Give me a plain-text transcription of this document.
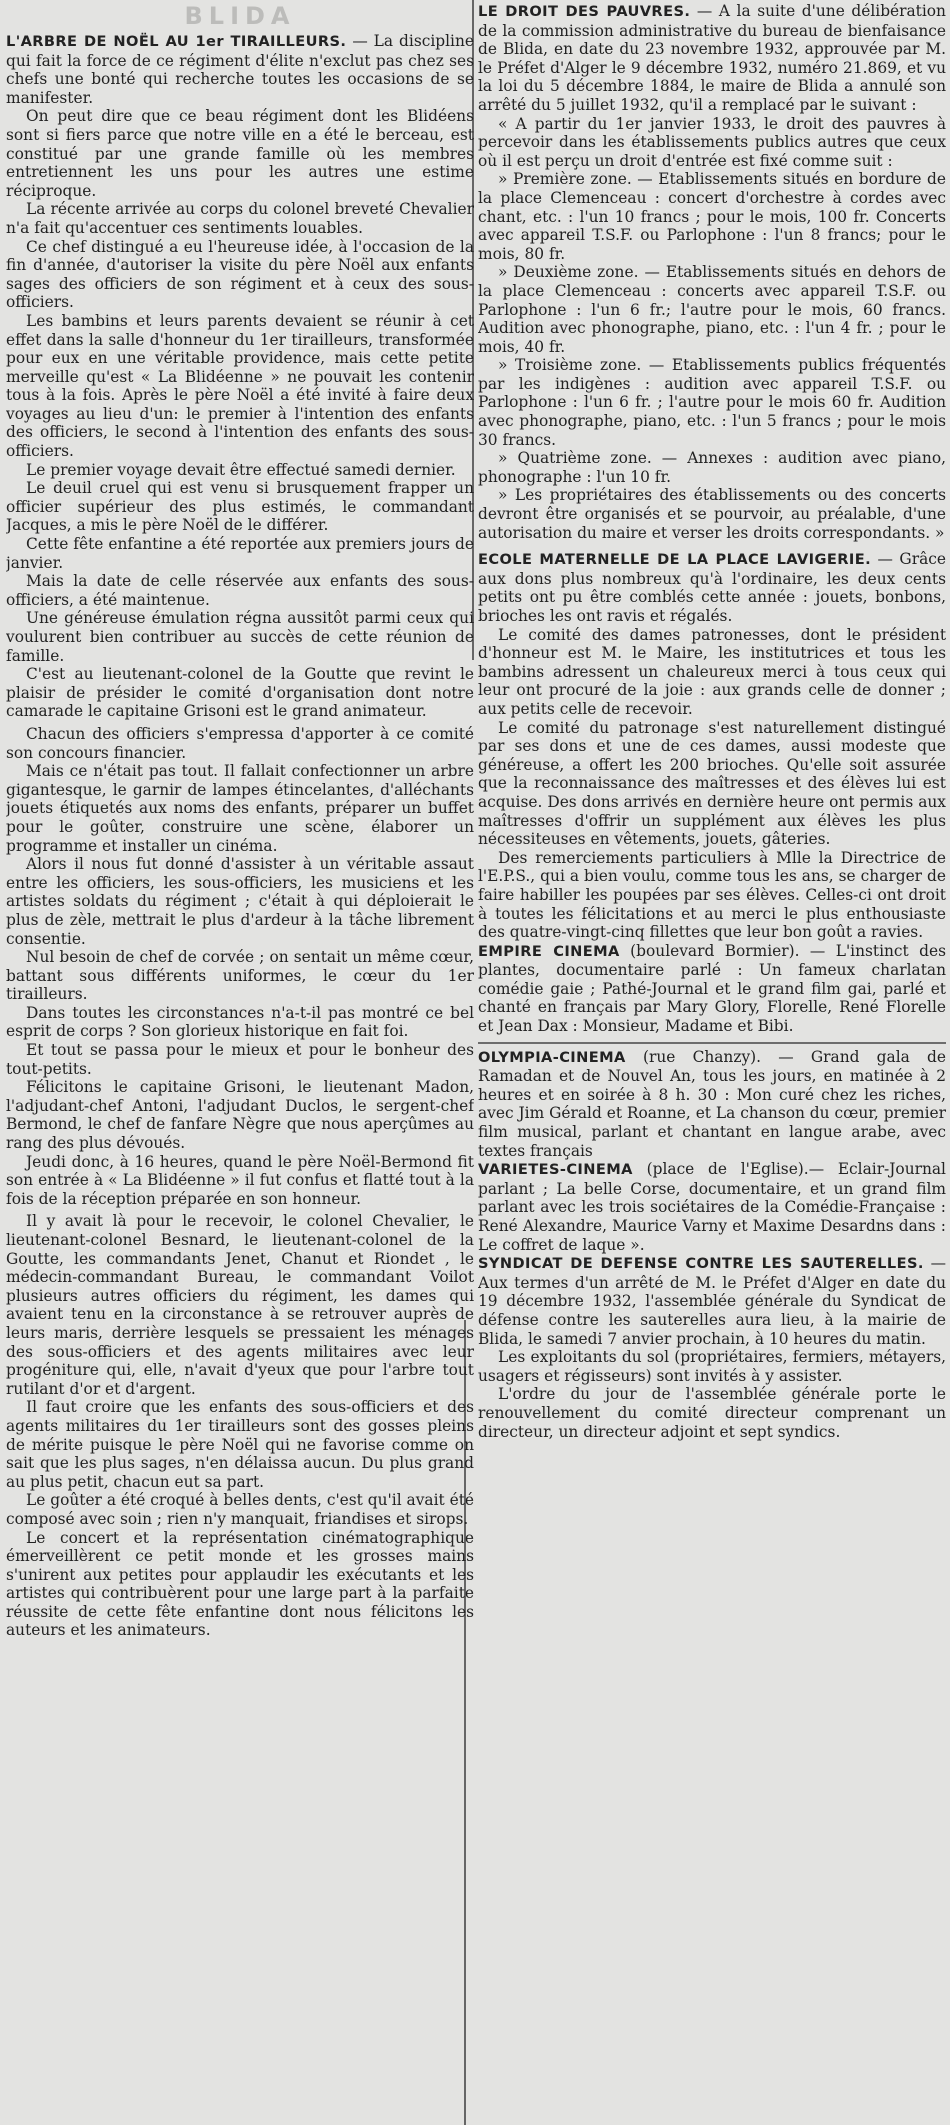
BLIDA

L'ARBRE DE NOËL AU 1er TIRAILLEURS. — La discipline qui fait la force de ce régiment d'élite n'exclut pas chez ses chefs une bonté qui recherche toutes les occasions de se manifester.

On peut dire que ce beau régiment dont les Blidéens sont si fiers parce que notre ville en a été le berceau, est constitué par une grande famille où les membres entretiennent les uns pour les autres une estime réciproque.

La récente arrivée au corps du colonel breveté Chevalier n'a fait qu'accentuer ces sentiments louables.

Ce chef distingué a eu l'heureuse idée, à l'occasion de la fin d'année, d'autoriser la visite du père Noël aux enfants sages des officiers de son régiment et à ceux des sous-officiers.

Les bambins et leurs parents devaient se réunir à cet effet dans la salle d'honneur du 1er tirailleurs, transformée pour eux en une véritable providence, mais cette petite merveille qu'est « La Blidéenne » ne pouvait les contenir tous à la fois. Après le père Noël a été invité à faire deux voyages au lieu d'un: le premier à l'intention des enfants des officiers, le second à l'intention des enfants des sous-officiers.

Le premier voyage devait être effectué samedi dernier.

Le deuil cruel qui est venu si brusquement frapper un officier supérieur des plus estimés, le commandant Jacques, a mis le père Noël de le différer.

Cette fête enfantine a été reportée aux premiers jours de janvier.

Mais la date de celle réservée aux enfants des sous-officiers, a été maintenue.

Une généreuse émulation régna aussitôt parmi ceux qui voulurent bien contribuer au succès de cette réunion de famille.

C'est au lieutenant-colonel de la Goutte que revint le plaisir de présider le comité d'organisation dont notre camarade le capitaine Grisoni est le grand animateur.

Chacun des officiers s'empressa d'apporter à ce comité son concours financier.

Mais ce n'était pas tout. Il fallait confectionner un arbre gigantesque, le garnir de lampes étincelantes, d'alléchants jouets étiquetés aux noms des enfants, préparer un buffet pour le goûter, construire une scène, élaborer un programme et installer un cinéma.

Alors il nous fut donné d'assister à un véritable assaut entre les officiers, les sous-officiers, les musiciens et les artistes soldats du régiment ; c'était à qui déploierait le plus de zèle, mettrait le plus d'ardeur à la tâche librement consentie.

Nul besoin de chef de corvée ; on sentait un même cœur, battant sous différents uniformes, le cœur du 1er tirailleurs.

Dans toutes les circonstances n'a-t-il pas montré ce bel esprit de corps ? Son glorieux historique en fait foi.

Et tout se passa pour le mieux et pour le bonheur des tout-petits.

Félicitons le capitaine Grisoni, le lieutenant Madon, l'adjudant-chef Antoni, l'adjudant Duclos, le sergent-chef Bermond, le chef de fanfare Nègre que nous aperçûmes au rang des plus dévoués.

Jeudi donc, à 16 heures, quand le père Noël-Bermond fit son entrée à « La Blidéenne » il fut confus et flatté tout à la fois de la réception préparée en son honneur.

Il y avait là pour le recevoir, le colonel Chevalier, le lieutenant-colonel Besnard, le lieutenant-colonel de la Goutte, les commandants Jenet, Chanut et Riondet , le médecin-commandant Bureau, le commandant Voilot plusieurs autres officiers du régiment, les dames qui avaient tenu en la circonstance à se retrouver auprès de leurs maris, derrière lesquels se pressaient les ménages des sous-officiers et des agents militaires avec leur progéniture qui, elle, n'avait d'yeux que pour l'arbre tout rutilant d'or et d'argent.

Il faut croire que les enfants des sous-officiers et des agents militaires du 1er tirailleurs sont des gosses pleins de mérite puisque le père Noël qui ne favorise comme on sait que les plus sages, n'en délaissa aucun. Du plus grand au plus petit, chacun eut sa part.

Le goûter a été croqué à belles dents, c'est qu'il avait été composé avec soin ; rien n'y manquait, friandises et sirops.

Le concert et la représentation cinématographique émerveillèrent ce petit monde et les grosses mains s'unirent aux petites pour applaudir les exécutants et les artistes qui contribuèrent pour une large part à la parfaite réussite de cette fête enfantine dont nous félicitons les auteurs et les animateurs.

LE DROIT DES PAUVRES. — A la suite d'une délibération de la commission administrative du bureau de bienfaisance de Blida, en date du 23 novembre 1932, approuvée par M. le Préfet d'Alger le 9 décembre 1932, numéro 21.869, et vu la loi du 5 décembre 1884, le maire de Blida a annulé son arrêté du 5 juillet 1932, qu'il a remplacé par le suivant :

« A partir du 1er janvier 1933, le droit des pauvres à percevoir dans les établissements publics autres que ceux où il est perçu un droit d'entrée est fixé comme suit :

» Première zone. — Etablissements situés en bordure de la place Clemenceau : concert d'orchestre à cordes avec chant, etc. : l'un 10 francs ; pour le mois, 100 fr. Concerts avec appareil T.S.F. ou Parlophone : l'un 8 francs; pour le mois, 80 fr.

» Deuxième zone. — Etablissements situés en dehors de la place Clemenceau : concerts avec appareil T.S.F. ou Parlophone : l'un 6 fr.; l'autre pour le mois, 60 francs. Audition avec phonographe, piano, etc. : l'un 4 fr. ; pour le mois, 40 fr.

» Troisième zone. — Etablissements publics fréquentés par les indigènes : audition avec appareil T.S.F. ou Parlophone : l'un 6 fr. ; l'autre pour le mois 60 fr. Audition avec phonographe, piano, etc. : l'un 5 francs ; pour le mois 30 francs.

» Quatrième zone. — Annexes : audition avec piano, phonographe : l'un 10 fr.

» Les propriétaires des établissements ou des concerts devront être organisés et se pourvoir, au préalable, d'une autorisation du maire et verser les droits correspondants. »

ECOLE MATERNELLE DE LA PLACE LAVIGERIE. — Grâce aux dons plus nombreux qu'à l'ordinaire, les deux cents petits ont pu être comblés cette année : jouets, bonbons, brioches les ont ravis et régalés.

Le comité des dames patronesses, dont le président d'honneur est M. le Maire, les institutrices et tous les bambins adressent un chaleureux merci à tous ceux qui leur ont procuré de la joie : aux grands celle de donner ; aux petits celle de recevoir.

Le comité du patronage s'est naturellement distingué par ses dons et une de ces dames, aussi modeste que généreuse, a offert les 200 brioches. Qu'elle soit assurée que la reconnaissance des maîtresses et des élèves lui est acquise. Des dons arrivés en dernière heure ont permis aux maîtresses d'offrir un supplément aux élèves les plus nécessiteuses en vêtements, jouets, gâteries.

Des remerciements particuliers à Mlle la Directrice de l'E.P.S., qui a bien voulu, comme tous les ans, se charger de faire habiller les poupées par ses élèves. Celles-ci ont droit à toutes les félicitations et au merci le plus enthousiaste des quatre-vingt-cinq fillettes que leur bon goût a ravies.

EMPIRE CINEMA (boulevard Bormier). — L'instinct des plantes, documentaire parlé : Un fameux charlatan comédie gaie ; Pathé-Journal et le grand film gai, parlé et chanté en français par Mary Glory, Florelle, René Florelle et Jean Dax : Monsieur, Madame et Bibi.

OLYMPIA-CINEMA (rue Chanzy). — Grand gala de Ramadan et de Nouvel An, tous les jours, en matinée à 2 heures et en soirée à 8 h. 30 : Mon curé chez les riches, avec Jim Gérald et Roanne, et La chanson du cœur, premier film musical, parlant et chantant en langue arabe, avec textes français

VARIETES-CINEMA (place de l'Eglise).— Eclair-Journal parlant ; La belle Corse, documentaire, et un grand film parlant avec les trois sociétaires de la Comédie-Française : René Alexandre, Maurice Varny et Maxime Desardns dans : Le coffret de laque ».

SYNDICAT DE DEFENSE CONTRE LES SAUTERELLES. — Aux termes d'un arrêté de M. le Préfet d'Alger en date du 19 décembre 1932, l'assemblée générale du Syndicat de défense contre les sauterelles aura lieu, à la mairie de Blida, le samedi 7 anvier prochain, à 10 heures du matin.

Les exploitants du sol (propriétaires, fermiers, métayers, usagers et régisseurs) sont invités à y assister.

L'ordre du jour de l'assemblée générale porte le renouvellement du comité directeur comprenant un directeur, un directeur adjoint et sept syndics.
